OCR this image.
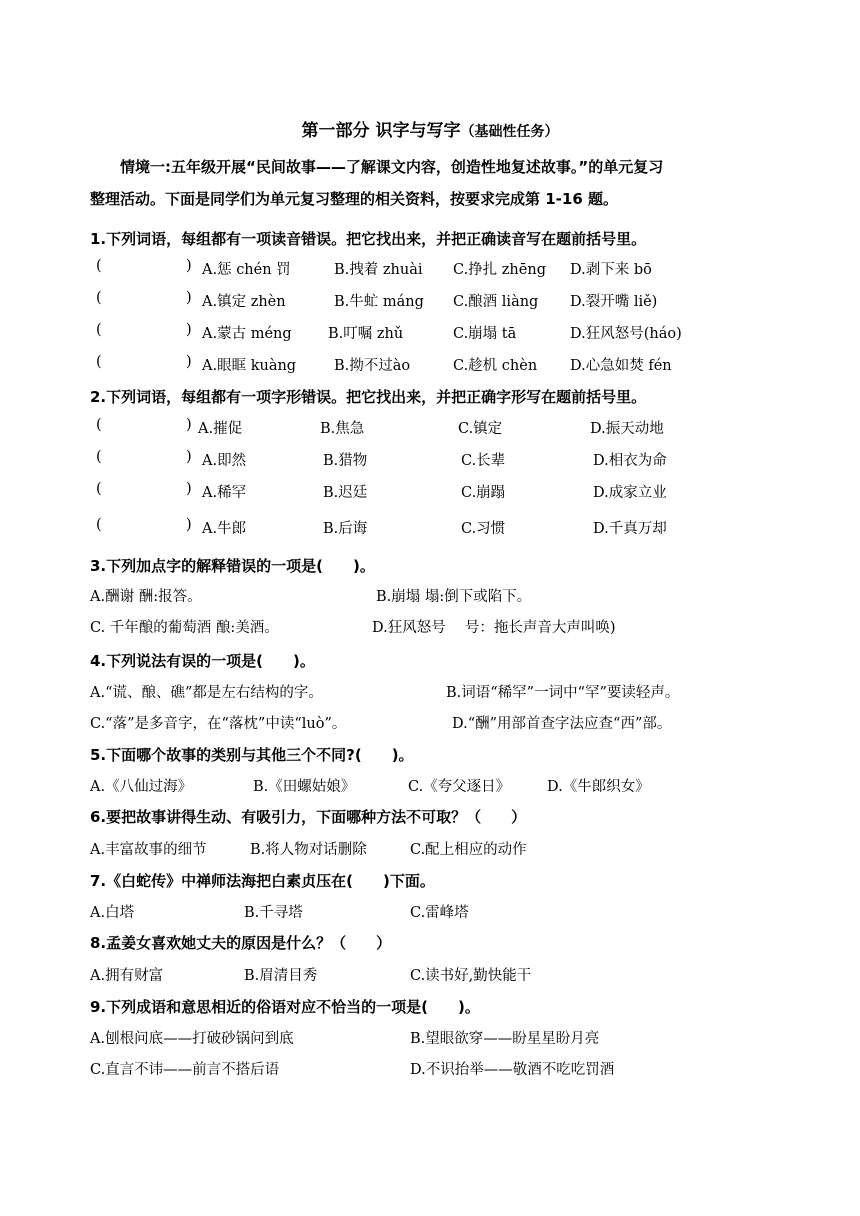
第一部分 识字与写字（基础性任务）
情境一:五年级开展“民间故事——了解课文内容，创造性地复述故事。”的单元复习
整理活动。下面是同学们为单元复习整理的相关资料，按要求完成第 1-16 题。
1.下列词语，每组都有一项读音错误。把它找出来，并把正确读音写在题前括号里。
(	) A.惩 chén 罚	B.拽着 zhuài C.挣扎 zhēng D.剥下来 bō
(	) A.镇定 zhèn	B.牛虻 máng C.酿酒 liàng D.裂开嘴 liě)
(	) A.蒙古 méng	B.叮嘱 zhǔ	C.崩塌 tā	D.狂风怒号(háo)
(	) A.眼眶 kuàng	B.拗不过ào	C.趁机 chèn D.心急如焚 fén
2.下列词语，每组都有一项字形错误。把它找出来，并把正确字形写在题前括号里。
(	) A.摧促	B.焦急	C.镇定	D.振天动地
(	) A.即然	B.猎物	C.长辈	D.相衣为命
(	) A.稀罕	B.迟廷	C.崩蹋	D.成家立业
(	) A.牛郎	B.后诲	C.习惯	D.千真万却
3.下列加点字的解释错误的一项是(　　)。
A.酬谢 酬:报答。	B.崩塌 塌:倒下或陷下。
C. 千年酿的葡萄酒 酿:美酒。	D.狂风怒号　 号：拖长声音大声叫唤)
4.下列说法有误的一项是(　　)。
A.“谎、酿、礁”都是左右结构的字。	B.词语“稀罕”一词中“罕”要读轻声。
C.“落”是多音字，在“落枕”中读“luò”。	D.“酬”用部首查字法应查“西”部。
5.下面哪个故事的类别与其他三个不同?(　　)。
A.《八仙过海》	B.《田螺姑娘》	C.《夸父逐日》	D.《牛郎织女》
6.要把故事讲得生动、有吸引力，下面哪种方法不可取？（　　）
A.丰富故事的细节	B.将人物对话删除	C.配上相应的动作
7.《白蛇传》中禅师法海把白素贞压在(　　)下面。
A.白塔	B.千寻塔	C.雷峰塔
8.孟姜女喜欢她丈夫的原因是什么？（　　）
A.拥有财富	B.眉清目秀	C.读书好,勤快能干
9.下列成语和意思相近的俗语对应不恰当的一项是(　　)。
A.刨根问底——打破砂锅问到底	B.望眼欲穿——盼星星盼月亮
C.直言不讳——前言不搭后语	D.不识抬举——敬酒不吃吃罚酒
